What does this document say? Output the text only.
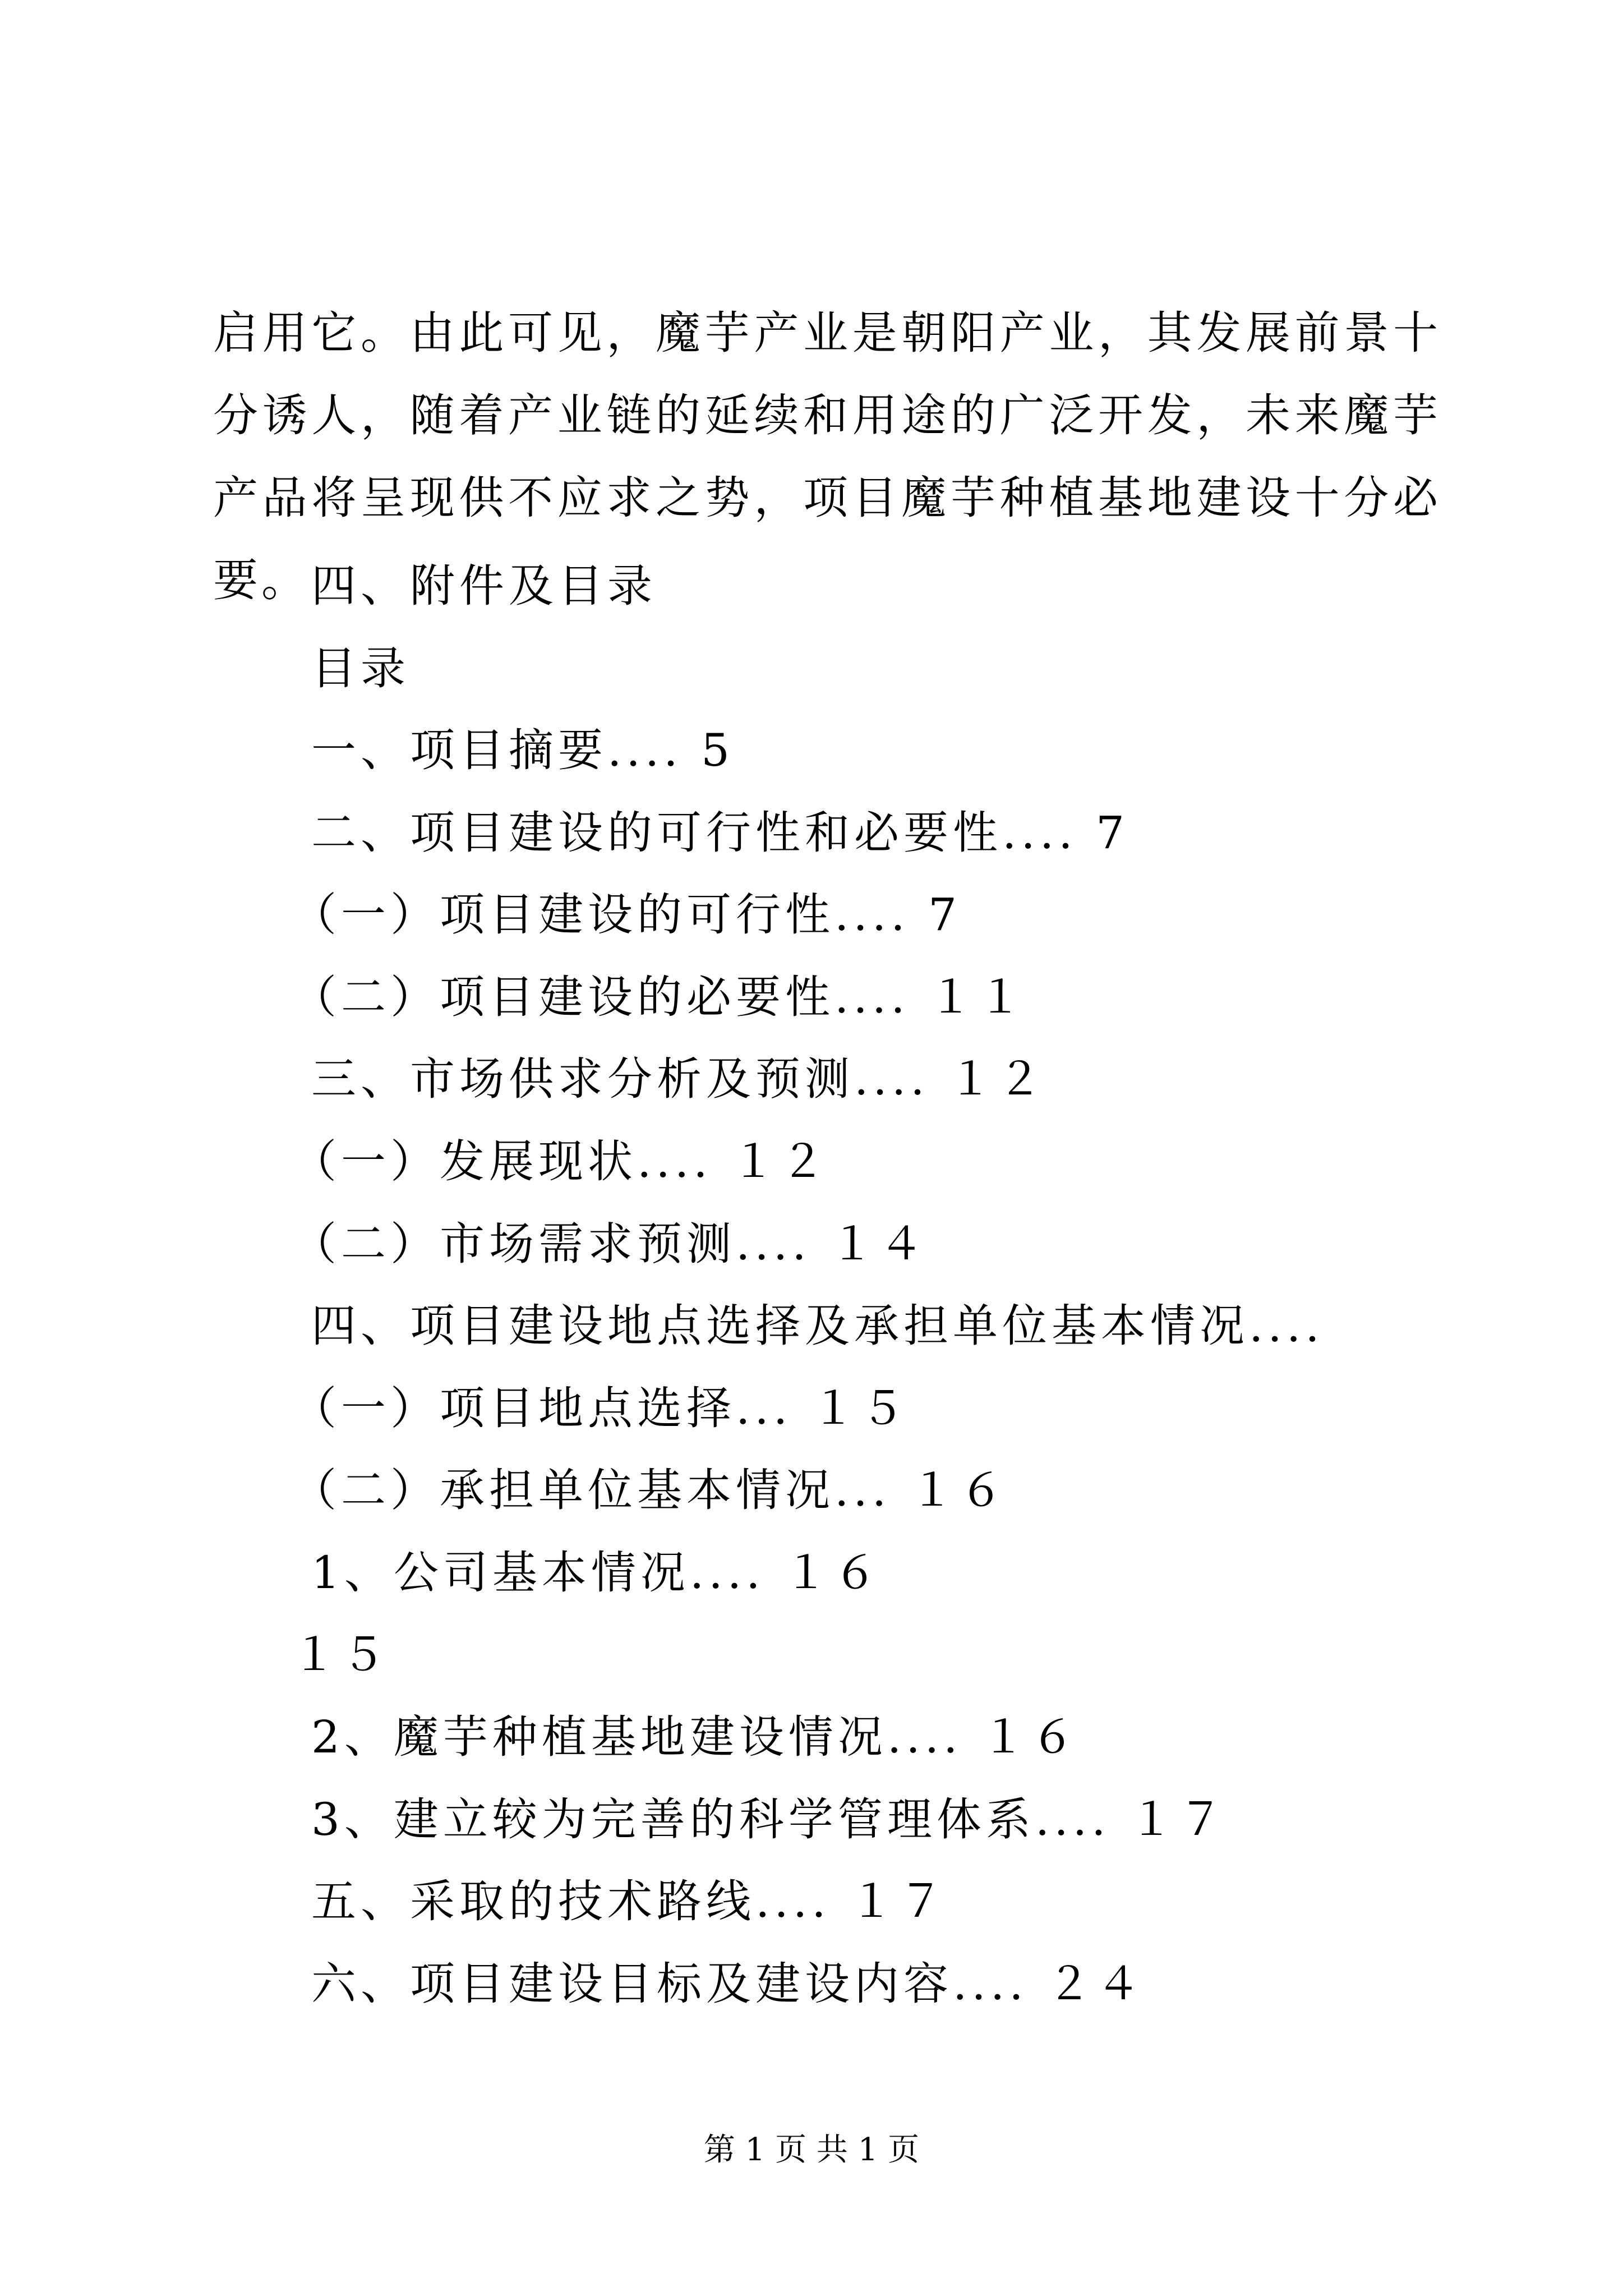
启用它。由此可见，魔芋产业是朝阳产业，其发展前景十分诱人，随着产业链的延续和用途的广泛开发，未来魔芋产品将呈现供不应求之势，项目魔芋种植基地建设十分必要。 四、附件及目录

目录

一、项目摘要.... 5

二、项目建设的可行性和必要性.... 7

（一）项目建设的可行性.... 7

（二）项目建设的必要性.... １１

三、市场供求分析及预测.... １２

（一）发展现状.... １２

（二）市场需求预测.... １４

四、项目建设地点选择及承担单位基本情况....

（一）项目地点选择... １５

（二）承担单位基本情况... １６

1、公司基本情况.... １６

１５

2、魔芋种植基地建设情况.... １６

3、建立较为完善的科学管理体系.... １７

五、采取的技术路线.... １７

六、项目建设目标及建设内容.... ２４

第 1 页 共 1 页
